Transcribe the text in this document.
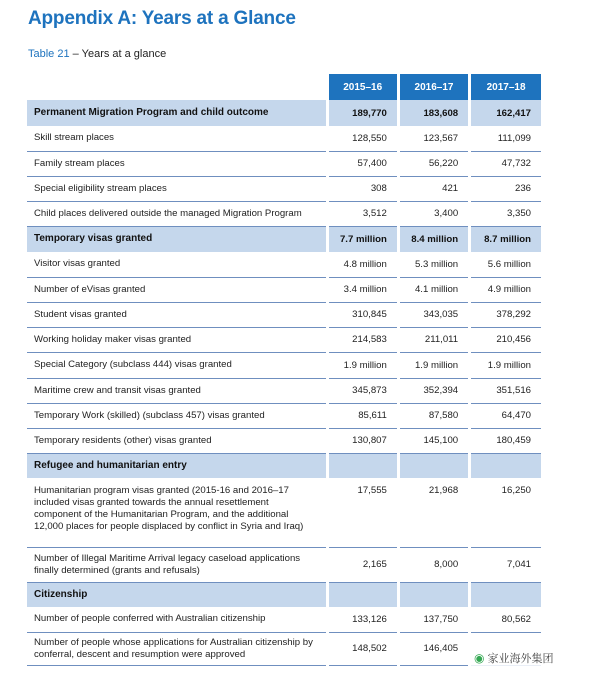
Appendix A: Years at a Glance
Table 21 – Years at a glance
	2015–16	2016–17	2017–18
Permanent Migration Program and child outcome	189,770	183,608	162,417
Skill stream places	128,550	123,567	111,099
Family stream places	57,400	56,220	47,732
Special eligibility stream places	308	421	236
Child places delivered outside the managed Migration Program	3,512	3,400	3,350
Temporary visas granted	7.7 million	8.4 million	8.7 million
Visitor visas granted	4.8 million	5.3 million	5.6 million
Number of eVisas granted	3.4 million	4.1 million	4.9 million
Student visas granted	310,845	343,035	378,292
Working holiday maker visas granted	214,583	211,011	210,456
Special Category (subclass 444) visas granted	1.9 million	1.9 million	1.9 million
Maritime crew and transit visas granted	345,873	352,394	351,516
Temporary Work (skilled) (subclass 457) visas granted	85,611	87,580	64,470
Temporary residents (other) visas granted	130,807	145,100	180,459
Refugee and humanitarian entry			
Humanitarian program visas granted (2015-16 and 2016–17 included visas granted towards the annual resettlement component of the Humanitarian Program, and the additional 12,000 places for people displaced by conflict in Syria and Iraq)	17,555	21,968	16,250
Number of Illegal Maritime Arrival legacy caseload applications finally determined (grants and refusals)	2,165	8,000	7,041
Citizenship			
Number of people conferred with Australian citizenship	133,126	137,750	80,562
Number of people whose applications for Australian citizenship by conferral, descent and resumption were approved	148,502	146,405	
◉ 家业海外集团
